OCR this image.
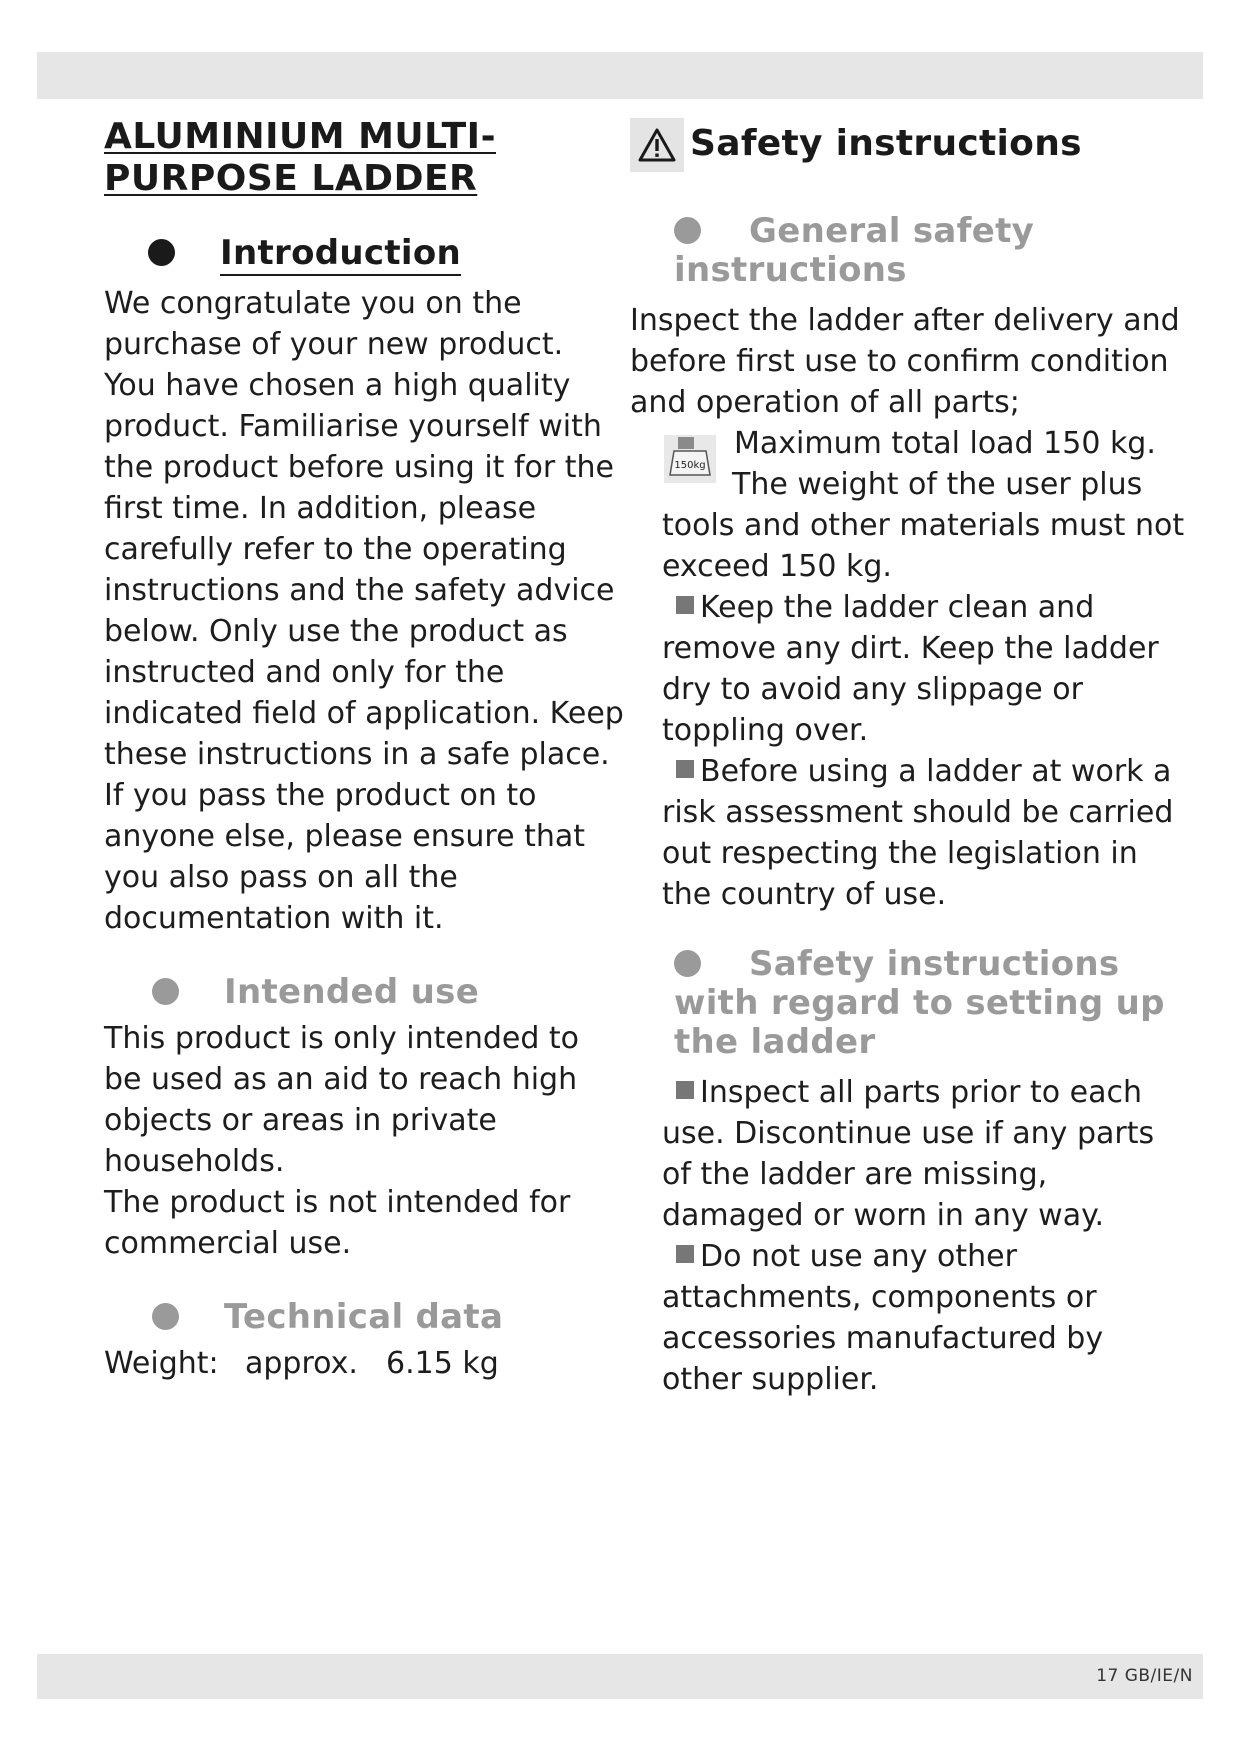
ALUMINIUM MULTI-
PURPOSE LADDER
Introduction

We congratulate you on the purchase of your new product. You have chosen a high quality product. Familiarise yourself with the product before using it for the first time. In addition, please carefully refer to the operating instructions and the safety advice below. Only use the product as instructed and only for the indicated field of application. Keep these instructions in a safe place. If you pass the product on to anyone else, please ensure that you also pass on all the documentation with it.

Intended use

This product is only intended to be used as an aid to reach high objects or areas in private households.

The product is not intended for commercial use.

Technical data
Weight: approx. 6.15 kg
Safety instructions
General safety instructions

Inspect the ladder after delivery and before first use to confirm condition and operation of all parts;

150kg

Maximum total load 150 kg.

The weight of the user plus tools and other materials must not exceed 150 kg.

Keep the ladder clean and remove any dirt. Keep the ladder dry to avoid any slippage or toppling over.

Before using a ladder at work a risk assessment should be carried out respecting the legislation in the country of use.

Safety instructions with regard to setting up the ladder

Inspect all parts prior to each use. Discontinue use if any parts of the ladder are missing, damaged or worn in any way.

Do not use any other attachments, components or accessories manufactured by other supplier.

17 GB/IE/N
